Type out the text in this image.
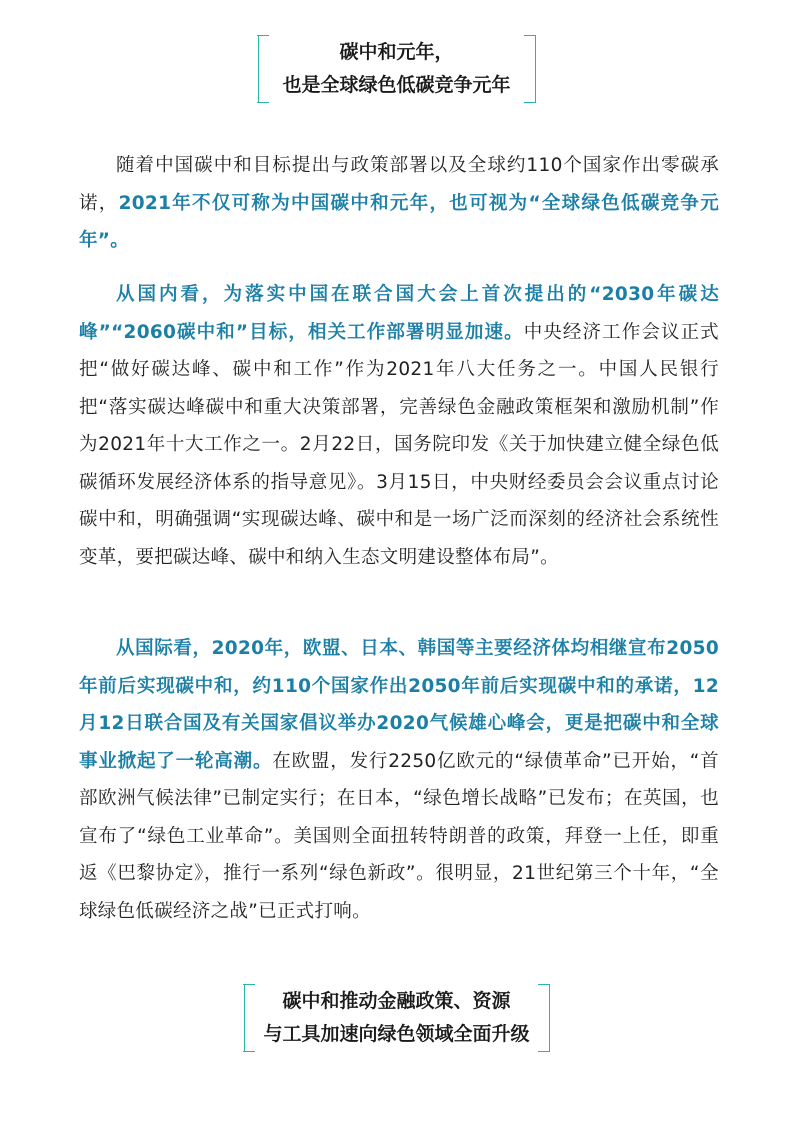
碳中和元年，
也是全球绿色低碳竞争元年

随着中国碳中和目标提出与政策部署以及全球约110个国家作出零碳承诺，2021年不仅可称为中国碳中和元年，也可视为“全球绿色低碳竞争元年”。

从国内看，为落实中国在联合国大会上首次提出的“2030年碳达峰”“2060碳中和”目标，相关工作部署明显加速。中央经济工作会议正式把“做好碳达峰、碳中和工作”作为2021年八大任务之一。中国人民银行把“落实碳达峰碳中和重大决策部署，完善绿色金融政策框架和激励机制”作为2021年十大工作之一。2月22日，国务院印发《关于加快建立健全绿色低碳循环发展经济体系的指导意见》。3月15日，中央财经委员会会议重点讨论碳中和，明确强调“实现碳达峰、碳中和是一场广泛而深刻的经济社会系统性变革，要把碳达峰、碳中和纳入生态文明建设整体布局”。

从国际看，2020年，欧盟、日本、韩国等主要经济体均相继宣布2050年前后实现碳中和，约110个国家作出2050年前后实现碳中和的承诺，12月12日联合国及有关国家倡议举办2020气候雄心峰会，更是把碳中和全球事业掀起了一轮高潮。在欧盟，发行2250亿欧元的“绿债革命”已开始，“首部欧洲气候法律”已制定实行；在日本，“绿色增长战略”已发布；在英国，也宣布了“绿色工业革命”。美国则全面扭转特朗普的政策，拜登一上任，即重返《巴黎协定》，推行一系列“绿色新政”。很明显，21世纪第三个十年，“全球绿色低碳经济之战”已正式打响。

碳中和推动金融政策、资源
与工具加速向绿色领域全面升级
